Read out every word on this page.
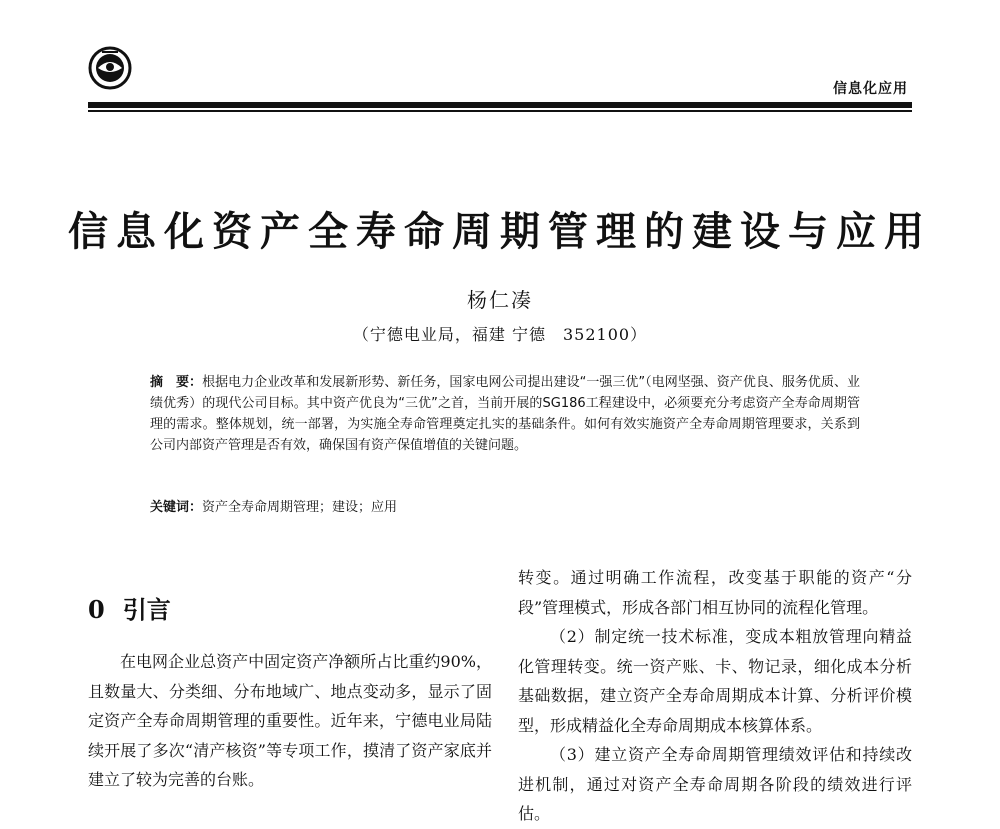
信息化应用
信息化资产全寿命周期管理的建设与应用
杨仁凑
（宁德电业局，福建 宁德　352100）
摘　要：根据电力企业改革和发展新形势、新任务，国家电网公司提出建设“一强三优”（电网坚强、资产优良、服务优质、业绩优秀）的现代公司目标。其中资产优良为“三优”之首，当前开展的SG186工程建设中，必须要充分考虑资产全寿命周期管理的需求。整体规划，统一部署，为实施全寿命管理奠定扎实的基础条件。如何有效实施资产全寿命周期管理要求，关系到公司内部资产管理是否有效，确保国有资产保值增值的关键问题。
关键词：资产全寿命周期管理；建设；应用
0 引言

在电网企业总资产中固定资产净额所占比重约90%，且数量大、分类细、分布地域广、地点变动多，显示了固定资产全寿命周期管理的重要性。近年来，宁德电业局陆续开展了多次“清产核资”等专项工作，摸清了资产家底并建立了较为完善的台账。

转变。通过明确工作流程，改变基于职能的资产“分段”管理模式，形成各部门相互协同的流程化管理。

（2）制定统一技术标准，变成本粗放管理向精益化管理转变。统一资产账、卡、物记录，细化成本分析基础数据，建立资产全寿命周期成本计算、分析评价模型，形成精益化全寿命周期成本核算体系。

（3）建立资产全寿命周期管理绩效评估和持续改进机制，通过对资产全寿命周期各阶段的绩效进行评估。
